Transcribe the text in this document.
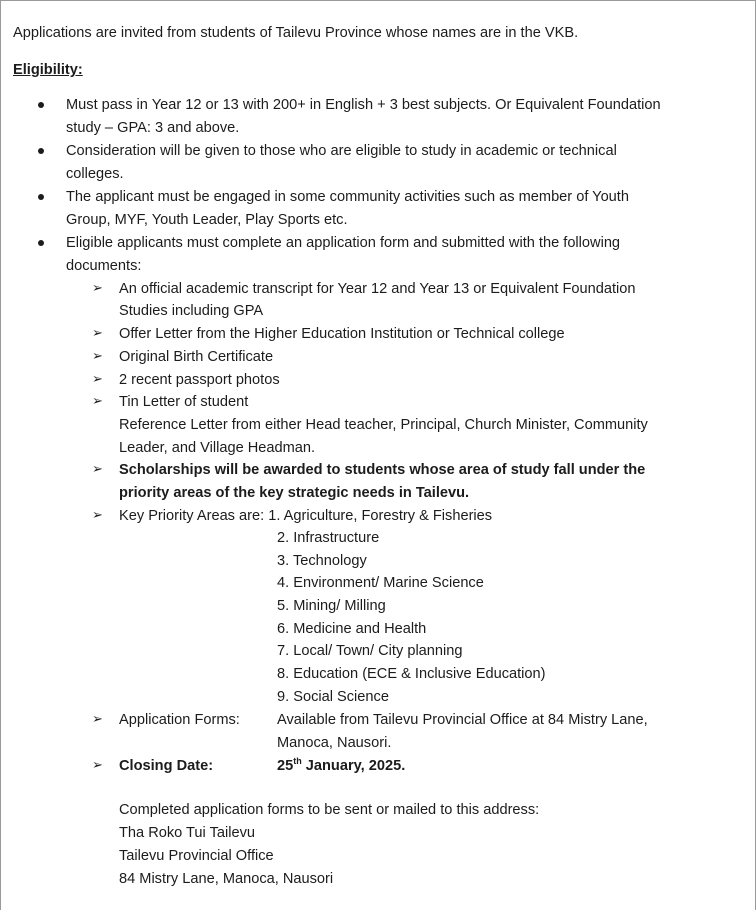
Applications are invited from students of Tailevu Province whose names are in the VKB.
Eligibility:
Must pass in Year 12 or 13 with 200+ in English + 3 best subjects. Or Equivalent Foundation
study – GPA: 3 and above.
Consideration will be given to those who are eligible to study in academic or technical
colleges.
The applicant must be engaged in some community activities such as member of Youth
Group, MYF, Youth Leader, Play Sports etc.
Eligible applicants must complete an application form and submitted with the following
documents:
➢ An official academic transcript for Year 12 and Year 13 or Equivalent Foundation
Studies including GPA
➢ Offer Letter from the Higher Education Institution or Technical college
➢ Original Birth Certificate
➢ 2 recent passport photos
➢ Tin Letter of student
Reference Letter from either Head teacher, Principal, Church Minister, Community
Leader, and Village Headman.
➢ Scholarships will be awarded to students whose area of study fall under the
priority areas of the key strategic needs in Tailevu.
➢ Key Priority Areas are: 1. Agriculture, Forestry & Fisheries
2. Infrastructure
3. Technology
4. Environment/ Marine Science
5. Mining/ Milling
6. Medicine and Health
7. Local/ Town/ City planning
8. Education (ECE & Inclusive Education)
9. Social Science
➢ Application Forms:	Available from Tailevu Provincial Office at 84 Mistry Lane,
Manoca, Nausori.
➢ Closing Date:	25th January, 2025.
Completed application forms to be sent or mailed to this address:
Tha Roko Tui Tailevu
Tailevu Provincial Office
84 Mistry Lane, Manoca, Nausori
